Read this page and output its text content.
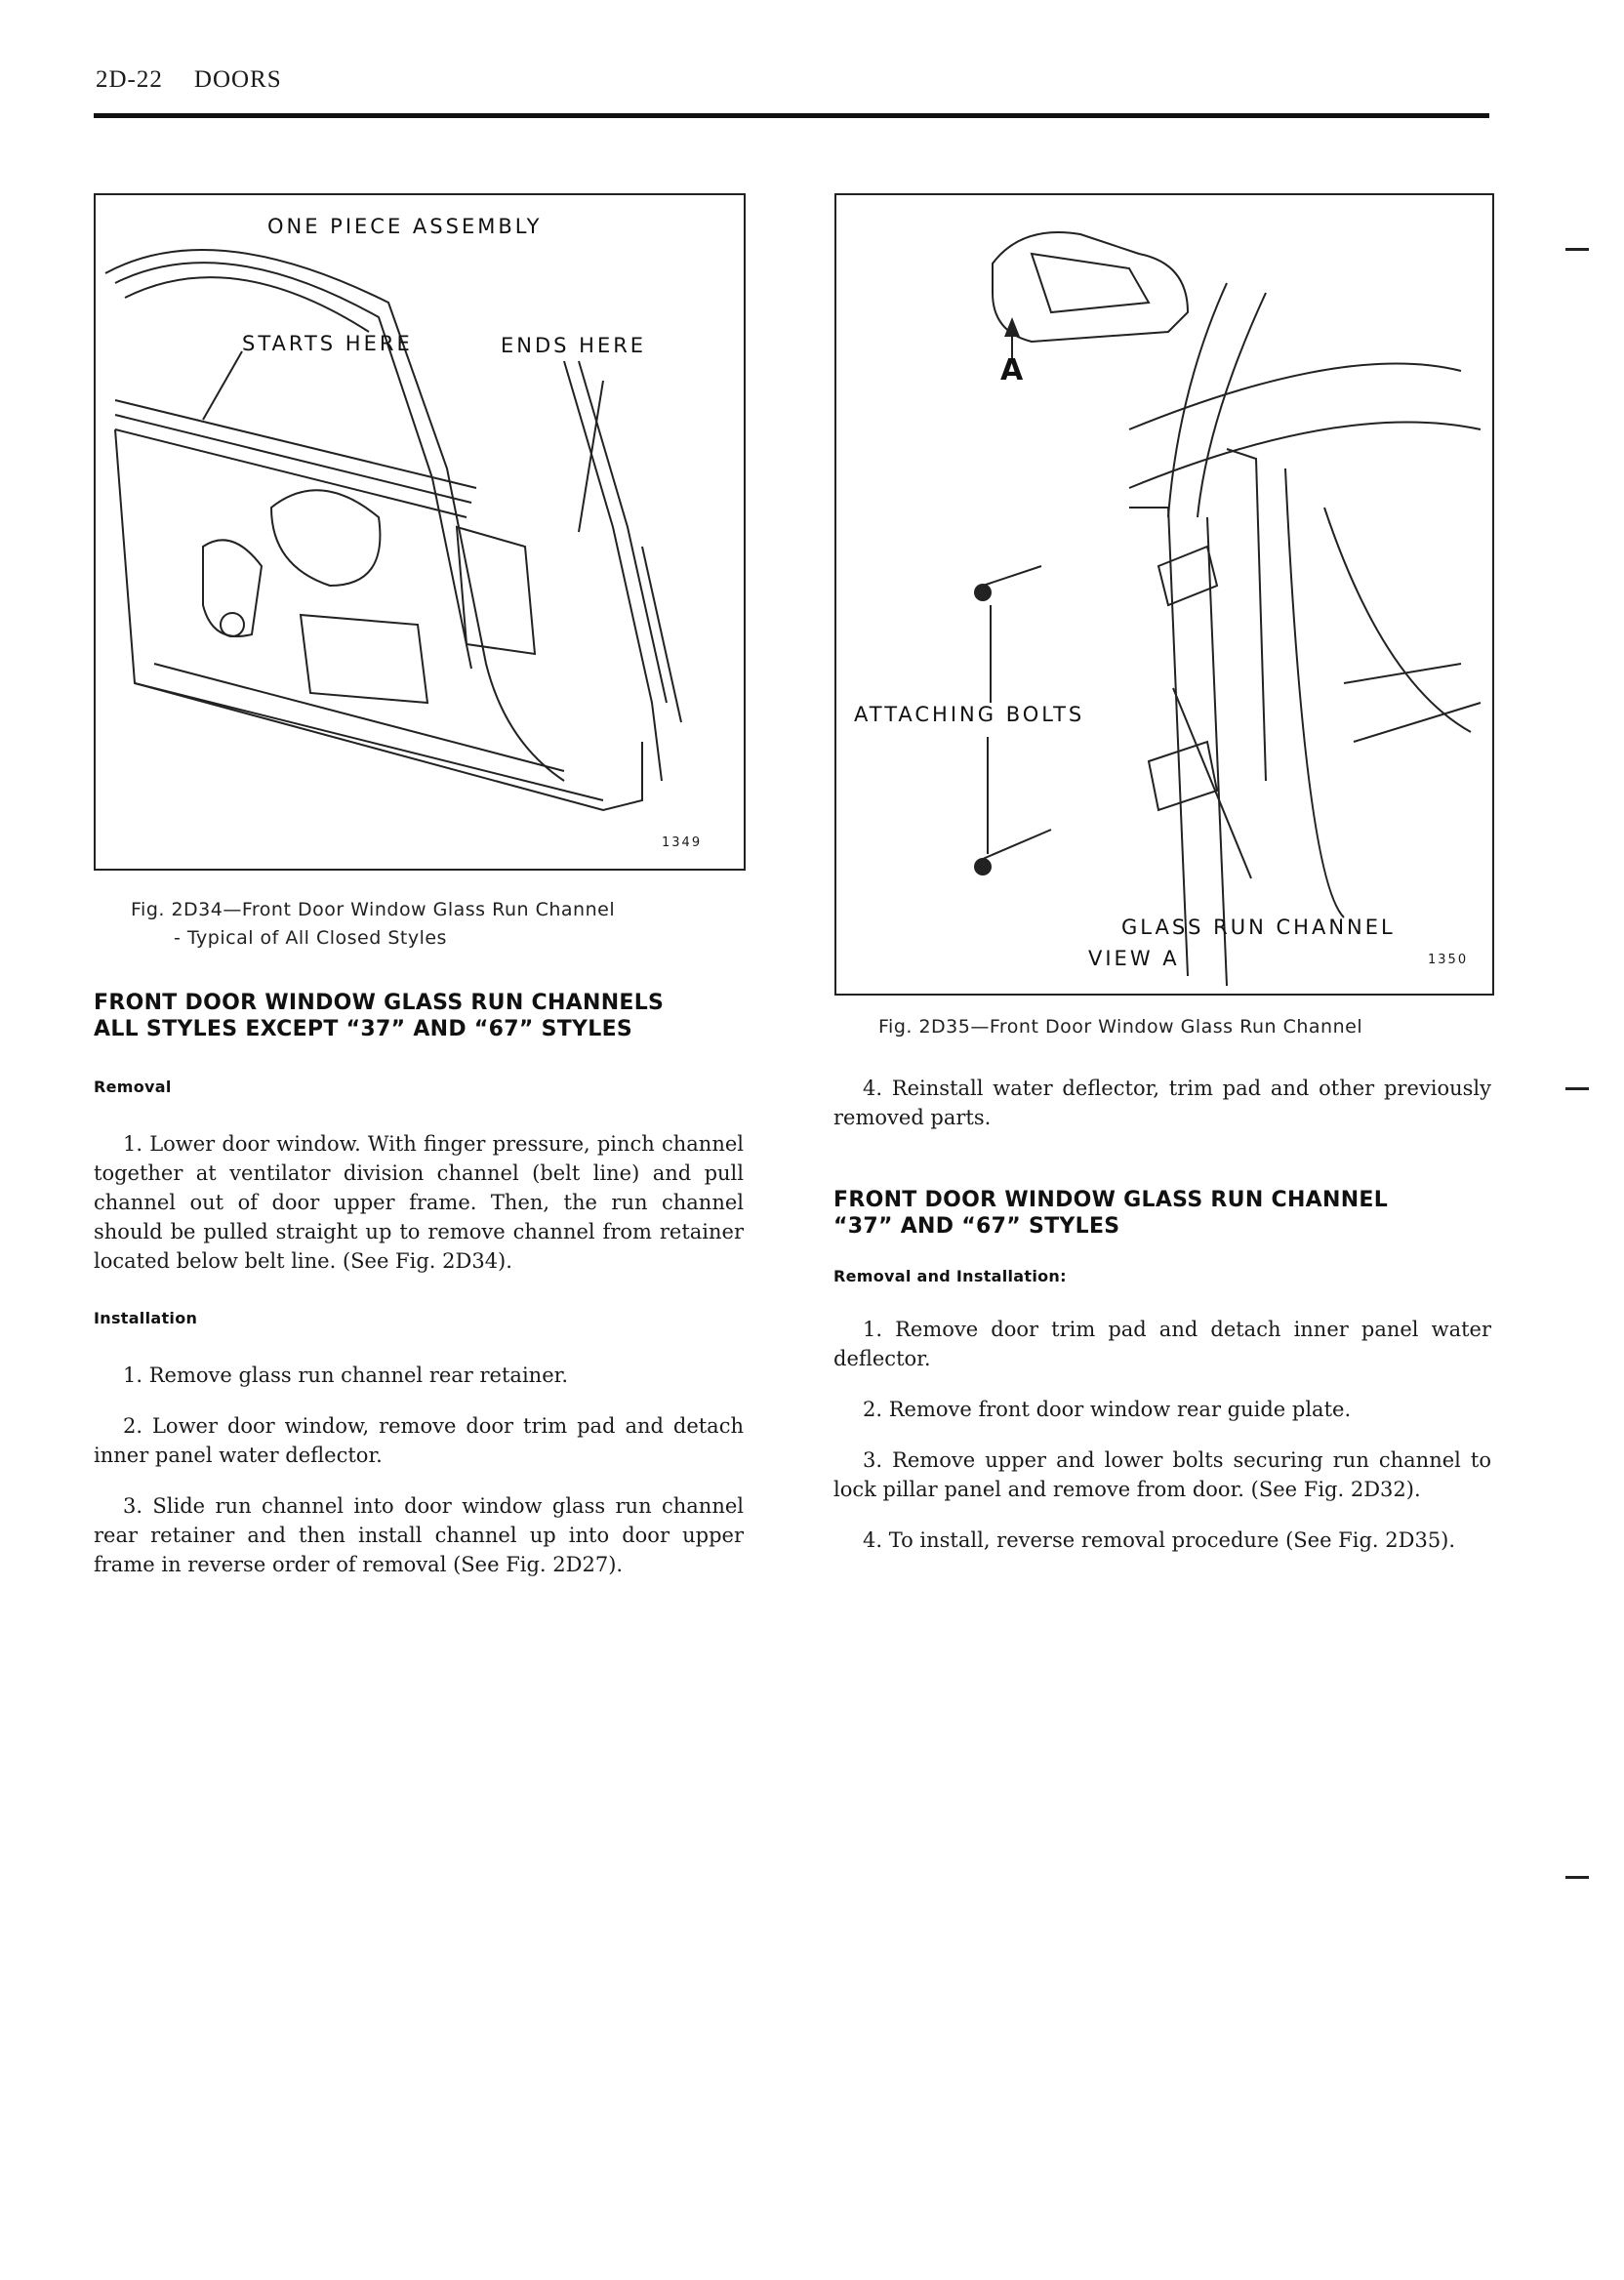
2D-22 DOORS
ONE PIECE ASSEMBLY
STARTS HERE	ENDS HERE
1349
A
ATTACHING BOLTS
GLASS RUN CHANNEL
VIEW A	1350
Fig. 2D34—Front Door Window Glass Run Channel
- Typical of All Closed Styles
Fig. 2D35—Front Door Window Glass Run Channel
FRONT DOOR WINDOW GLASS RUN CHANNELS
ALL STYLES EXCEPT “37” AND “67” STYLES
Removal
1. Lower door window. With finger pressure, pinch channel together at ventilator division channel (belt line) and pull channel out of door upper frame. Then, the run channel should be pulled straight up to remove channel from retainer located below belt line. (See Fig. 2D34).
Installation
1. Remove glass run channel rear retainer.
2. Lower door window, remove door trim pad and detach inner panel water deflector.
3. Slide run channel into door window glass run channel rear retainer and then install channel up into door upper frame in reverse order of removal (See Fig. 2D27).
4. Reinstall water deflector, trim pad and other previously removed parts.
FRONT DOOR WINDOW GLASS RUN CHANNEL
“37” AND “67” STYLES
Removal and Installation:
1. Remove door trim pad and detach inner panel water deflector.
2. Remove front door window rear guide plate.
3. Remove upper and lower bolts securing run channel to lock pillar panel and remove from door. (See Fig. 2D32).
4. To install, reverse removal procedure (See Fig. 2D35).
